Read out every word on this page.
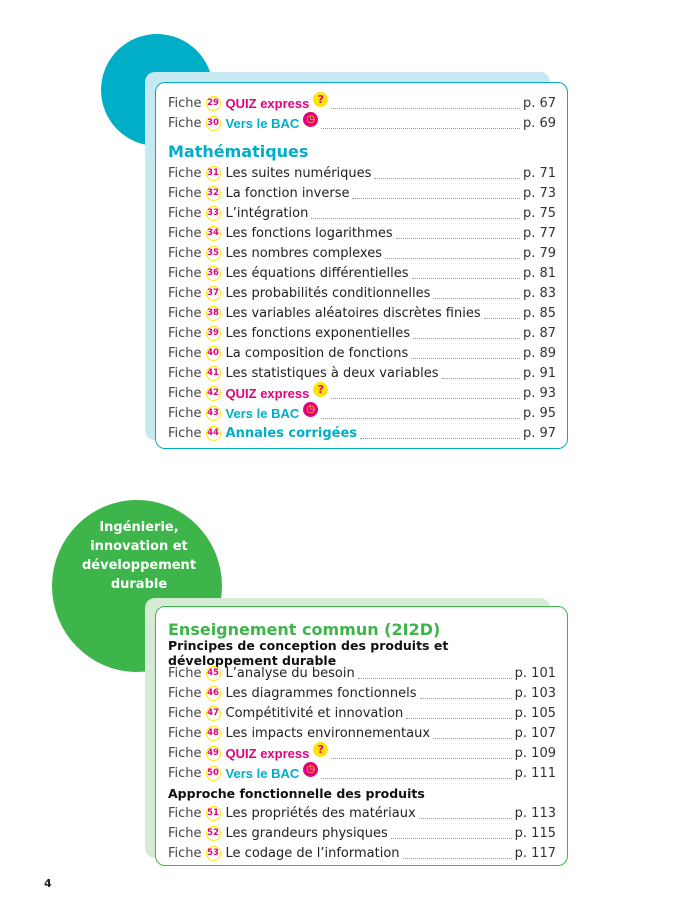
Fiche 29 QUIZ express ?	p. 67
Fiche 30 Vers le BAC ◷	p. 69
Mathématiques
Fiche 31 Les suites numériques	p. 71
Fiche 32 La fonction inverse	p. 73
Fiche 33 L’intégration	p. 75
Fiche 34 Les fonctions logarithmes	p. 77
Fiche 35 Les nombres complexes	p. 79
Fiche 36 Les équations différentielles	p. 81
Fiche 37 Les probabilités conditionnelles	p. 83
Fiche 38 Les variables aléatoires discrètes finies	p. 85
Fiche 39 Les fonctions exponentielles	p. 87
Fiche 40 La composition de fonctions	p. 89
Fiche 41 Les statistiques à deux variables	p. 91
Fiche 42 QUIZ express ?	p. 93
Fiche 43 Vers le BAC ◷	p. 95
Fiche 44 Annales corrigées	p. 97
Ingénierie,
innovation et
développement
durable
Enseignement commun (2I2D)
Principes de conception des produits et développement durable
Fiche 45 L’analyse du besoin	p. 101
Fiche 46 Les diagrammes fonctionnels	p. 103
Fiche 47 Compétitivité et innovation	p. 105
Fiche 48 Les impacts environnementaux	p. 107
Fiche 49 QUIZ express ?	p. 109
Fiche 50 Vers le BAC ◷	p. 111
Approche fonctionnelle des produits
Fiche 51 Les propriétés des matériaux	p. 113
Fiche 52 Les grandeurs physiques	p. 115
Fiche 53 Le codage de l’information	p. 117
4
